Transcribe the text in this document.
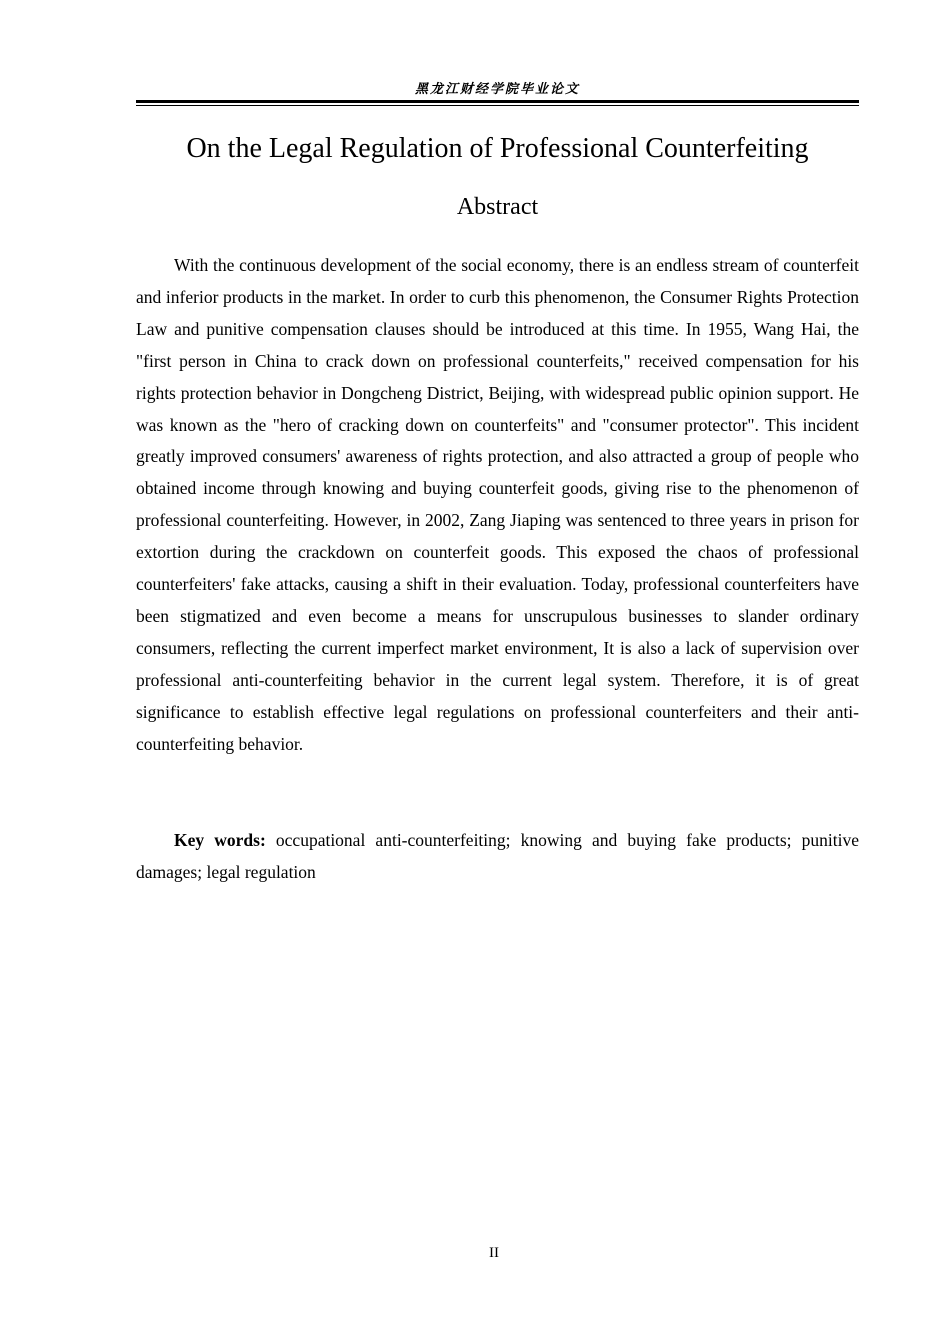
黑龙江财经学院毕业论文
On the Legal Regulation of Professional Counterfeiting
Abstract

With the continuous development of the social economy, there is an endless stream of counterfeit and inferior products in the market. In order to curb this phenomenon, the Consumer Rights Protection Law and punitive compensation clauses should be introduced at this time. In 1955, Wang Hai, the "first person in China to crack down on professional counterfeits," received compensation for his rights protection behavior in Dongcheng District, Beijing, with widespread public opinion support. He was known as the "hero of cracking down on counterfeits" and "consumer protector". This incident greatly improved consumers' awareness of rights protection, and also attracted a group of people who obtained income through knowing and buying counterfeit goods, giving rise to the phenomenon of professional counterfeiting. However, in 2002, Zang Jiaping was sentenced to three years in prison for extortion during the crackdown on counterfeit goods. This exposed the chaos of professional counterfeiters' fake attacks, causing a shift in their evaluation. Today, professional counterfeiters have been stigmatized and even become a means for unscrupulous businesses to slander ordinary consumers, reflecting the current imperfect market environment, It is also a lack of supervision over professional anti-counterfeiting behavior in the current legal system. Therefore, it is of great significance to establish effective legal regulations on professional counterfeiters and their anti-counterfeiting behavior.

Key words: occupational anti-counterfeiting; knowing and buying fake products; punitive damages; legal regulation

II
